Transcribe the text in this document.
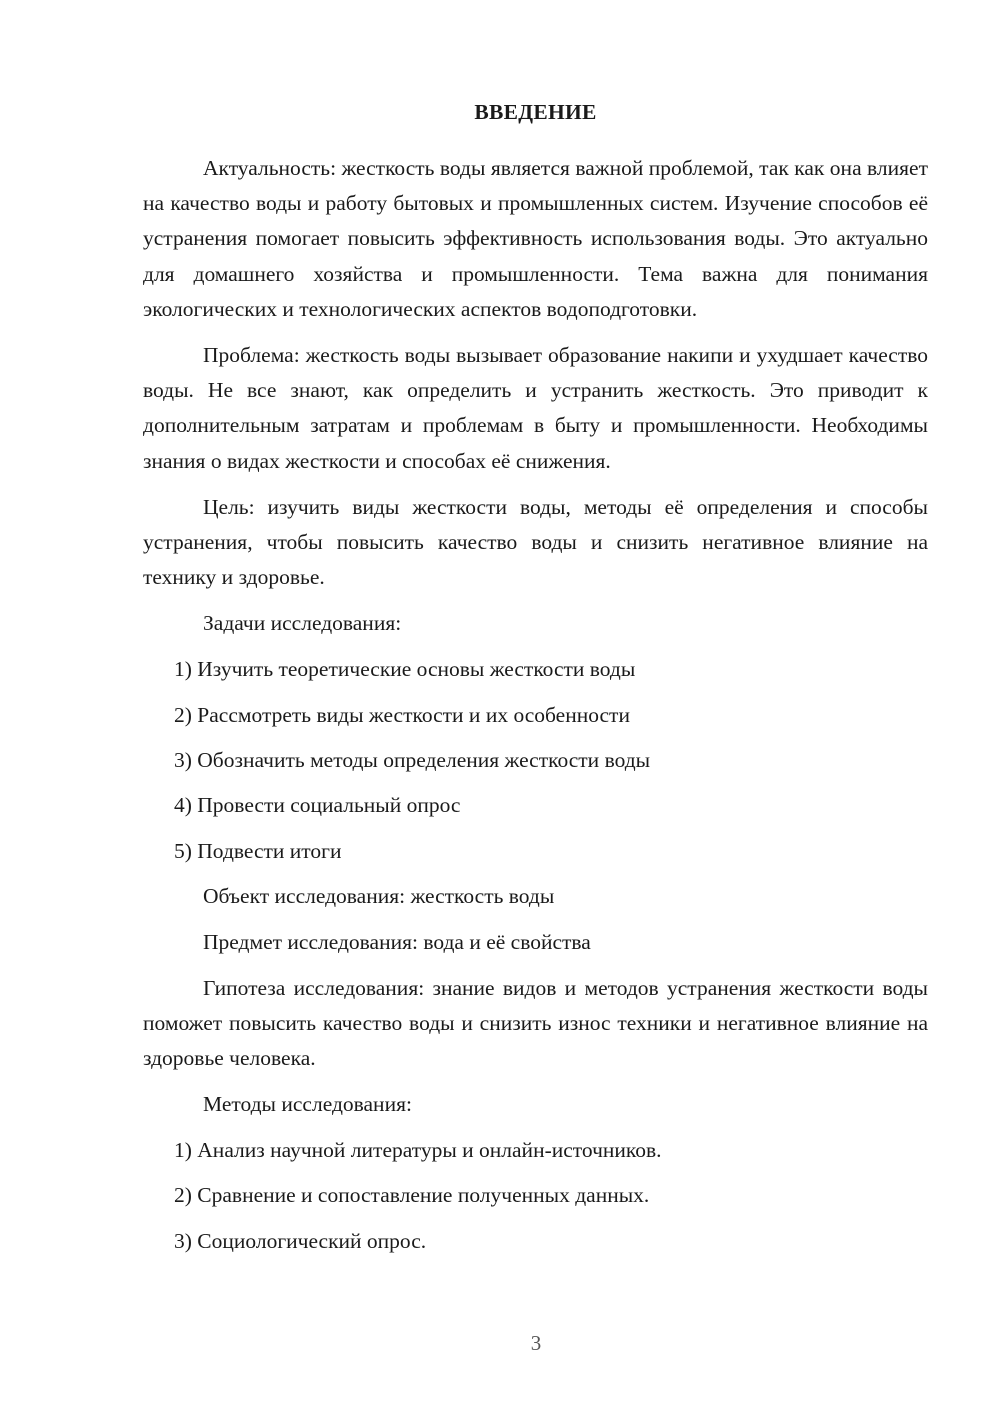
ВВЕДЕНИЕ
Актуальность: жесткость воды является важной проблемой, так как она влияет на качество воды и работу бытовых и промышленных систем. Изучение способов её устранения помогает повысить эффективность использования воды. Это актуально для домашнего хозяйства и промышленности. Тема важна для понимания экологических и технологических аспектов водоподготовки.
Проблема: жесткость воды вызывает образование накипи и ухудшает качество воды. Не все знают, как определить и устранить жесткость. Это приводит к дополнительным затратам и проблемам в быту и промышленности. Необходимы знания о видах жесткости и способах её снижения.
Цель: изучить виды жесткости воды, методы её определения и способы устранения, чтобы повысить качество воды и снизить негативное влияние на технику и здоровье.
Задачи исследования:
1) Изучить теоретические основы жесткости воды
2) Рассмотреть виды жесткости и их особенности
3) Обозначить методы определения жесткости воды
4) Провести социальный опрос
5) Подвести итоги
Объект исследования: жесткость воды
Предмет исследования: вода и её свойства
Гипотеза исследования: знание видов и методов устранения жесткости воды поможет повысить качество воды и снизить износ техники и негативное влияние на здоровье человека.
Методы исследования:
1) Анализ научной литературы и онлайн-источников.
2) Сравнение и сопоставление полученных данных.
3) Социологический опрос.
3
